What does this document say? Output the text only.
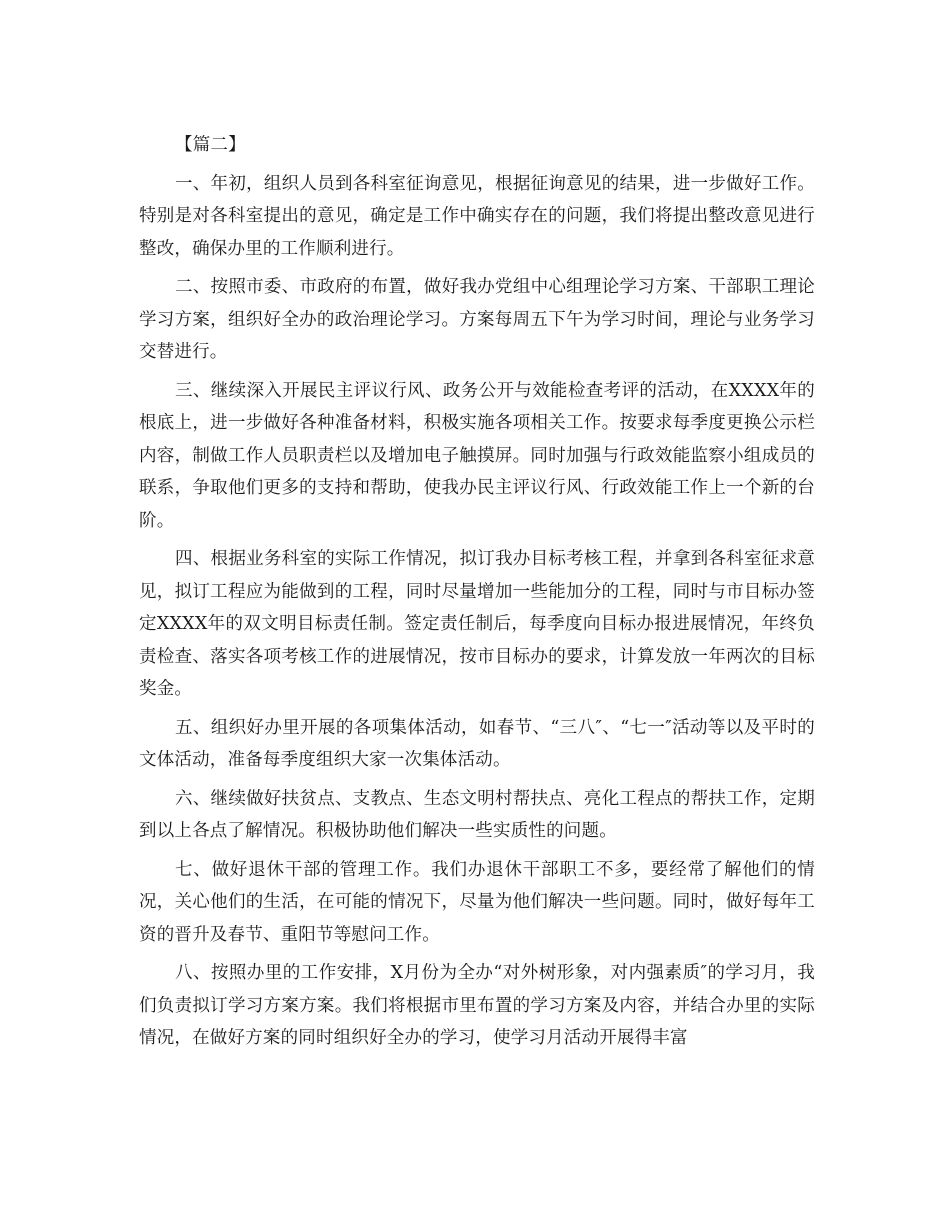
【篇二】

一、年初，组织人员到各科室征询意见，根据征询意见的结果，进一步做好工作。特别是对各科室提出的意见，确定是工作中确实存在的问题，我们将提出整改意见进行整改，确保办里的工作顺利进行。

二、按照市委、市政府的布置，做好我办党组中心组理论学习方案、干部职工理论学习方案，组织好全办的政治理论学习。方案每周五下午为学习时间，理论与业务学习交替进行。

三、继续深入开展民主评议行风、政务公开与效能检查考评的活动，在XXXX年的根底上，进一步做好各种准备材料，积极实施各项相关工作。按要求每季度更换公示栏内容，制做工作人员职责栏以及增加电子触摸屏。同时加强与行政效能监察小组成员的联系，争取他们更多的支持和帮助，使我办民主评议行风、行政效能工作上一个新的台阶。

四、根据业务科室的实际工作情况，拟订我办目标考核工程，并拿到各科室征求意见，拟订工程应为能做到的工程，同时尽量增加一些能加分的工程，同时与市目标办签定XXXX年的双文明目标责任制。签定责任制后，每季度向目标办报进展情况，年终负责检查、落实各项考核工作的进展情况，按市目标办的要求，计算发放一年两次的目标奖金。

五、组织好办里开展的各项集体活动，如春节、“三八″、“七一″活动等以及平时的文体活动，准备每季度组织大家一次集体活动。

六、继续做好扶贫点、支教点、生态文明村帮扶点、亮化工程点的帮扶工作，定期到以上各点了解情况。积极协助他们解决一些实质性的问题。

七、做好退休干部的管理工作。我们办退休干部职工不多，要经常了解他们的情况，关心他们的生活，在可能的情况下，尽量为他们解决一些问题。同时，做好每年工资的晋升及春节、重阳节等慰问工作。

八、按照办里的工作安排，X月份为全办“对外树形象，对内强素质″的学习月，我们负责拟订学习方案方案。我们将根据市里布置的学习方案及内容，并结合办里的实际情况，在做好方案的同时组织好全办的学习，使学习月活动开展得丰富
